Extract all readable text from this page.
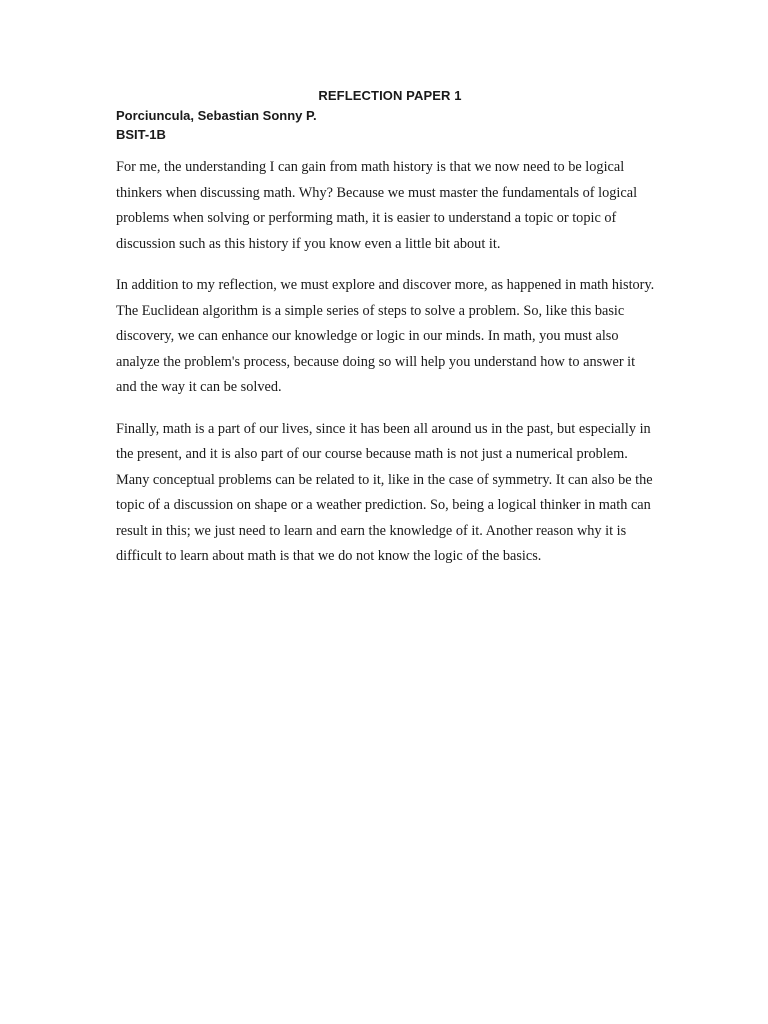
REFLECTION PAPER 1
Porciuncula, Sebastian Sonny P.
BSIT-1B

For me, the understanding I can gain from math history is that we now need to be logical thinkers when discussing math. Why? Because we must master the fundamentals of logical problems when solving or performing math, it is easier to understand a topic or topic of discussion such as this history if you know even a little bit about it.

In addition to my reflection, we must explore and discover more, as happened in math history. The Euclidean algorithm is a simple series of steps to solve a problem. So, like this basic discovery, we can enhance our knowledge or logic in our minds. In math, you must also analyze the problem's process, because doing so will help you understand how to answer it and the way it can be solved.

Finally, math is a part of our lives, since it has been all around us in the past, but especially in the present, and it is also part of our course because math is not just a numerical problem. Many conceptual problems can be related to it, like in the case of symmetry. It can also be the topic of a discussion on shape or a weather prediction. So, being a logical thinker in math can result in this; we just need to learn and earn the knowledge of it. Another reason why it is difficult to learn about math is that we do not know the logic of the basics.
